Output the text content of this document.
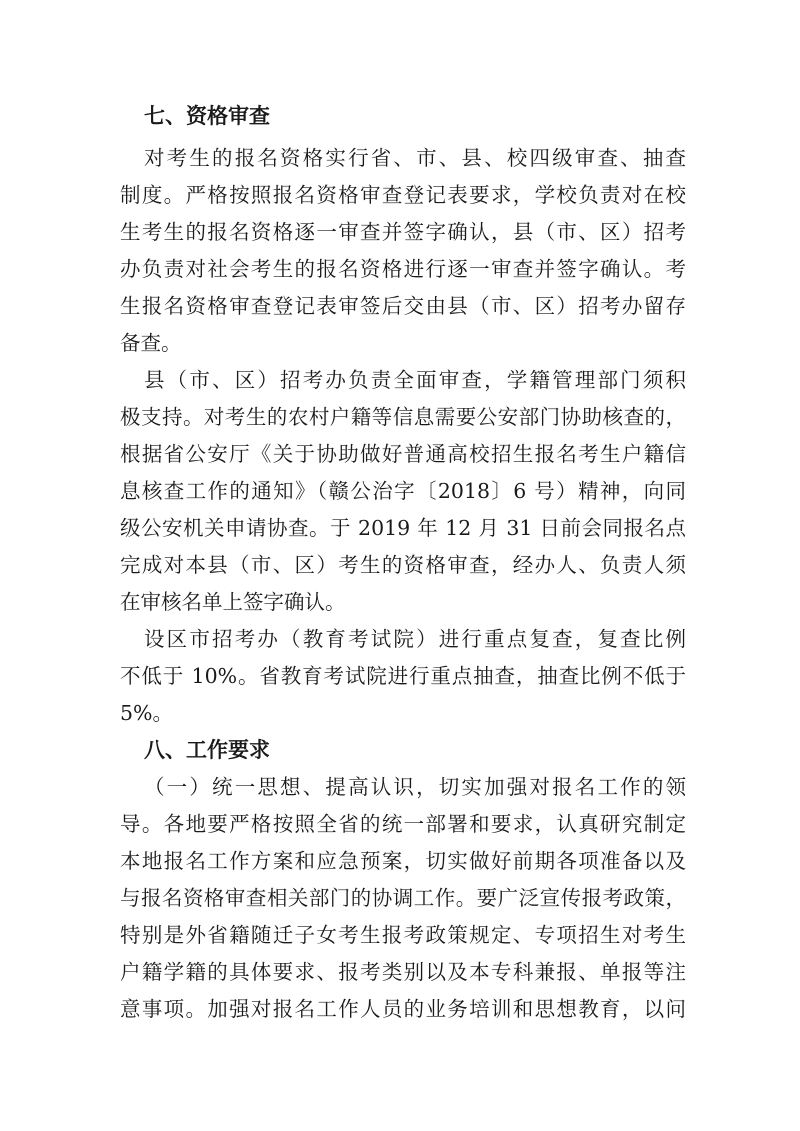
七、资格审查
对考生的报名资格实行省、市、县、校四级审查、抽查
制度。严格按照报名资格审查登记表要求，学校负责对在校
生考生的报名资格逐一审查并签字确认，县（市、区）招考
办负责对社会考生的报名资格进行逐一审查并签字确认。考
生报名资格审查登记表审签后交由县（市、区）招考办留存
备查。
县（市、区）招考办负责全面审查，学籍管理部门须积
极支持。对考生的农村户籍等信息需要公安部门协助核查的，
根据省公安厅《关于协助做好普通高校招生报名考生户籍信
息核查工作的通知》（赣公治字〔2018〕6 号）精神，向同
级公安机关申请协查。于 2019 年 12 月 31 日前会同报名点
完成对本县（市、区）考生的资格审查，经办人、负责人须
在审核名单上签字确认。
设区市招考办（教育考试院）进行重点复查，复查比例
不低于 10%。省教育考试院进行重点抽查，抽查比例不低于
5%。
八、工作要求
（一）统一思想、提高认识，切实加强对报名工作的领
导。各地要严格按照全省的统一部署和要求，认真研究制定
本地报名工作方案和应急预案，切实做好前期各项准备以及
与报名资格审查相关部门的协调工作。要广泛宣传报考政策，
特别是外省籍随迁子女考生报考政策规定、专项招生对考生
户籍学籍的具体要求、报考类别以及本专科兼报、单报等注
意事项。加强对报名工作人员的业务培训和思想教育，以问
